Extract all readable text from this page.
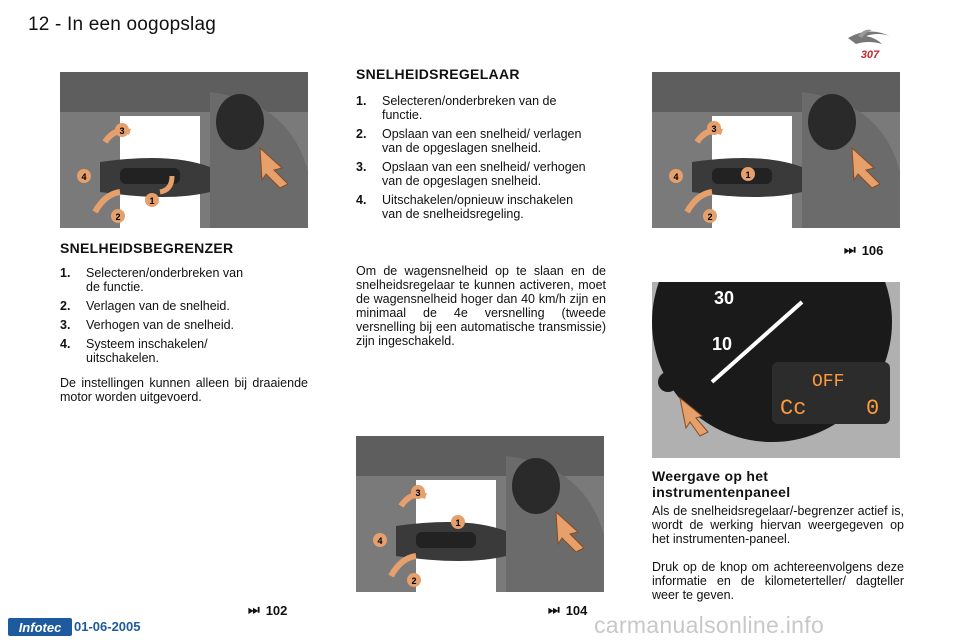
12 - In een oogopslag
307
3
4
1
2
SNELHEIDSBEGRENZER
1. Selecteren/onderbreken van de functie.
2. Verlagen van de snelheid.
3. Verhogen van de snelheid.
4. Systeem inschakelen/ uitschakelen.
De instellingen kunnen alleen bij draaiende motor worden uitgevoerd.
SNELHEIDSREGELAAR
1. Selecteren/onderbreken van de functie.
2. Opslaan van een snelheid/ verlagen van de opgeslagen snelheid.
3. Opslaan van een snelheid/ verhogen van de opgeslagen snelheid.
4. Uitschakelen/opnieuw inschakelen van de snelheidsregeling.
Om de wagensnelheid op te slaan en de snelheidsregelaar te kunnen activeren, moet de wagensnelheid hoger dan 40 km/h zijn en minimaal de 4e versnelling (tweede versnelling bij een automatische transmissie) zijn ingeschakeld.
3
1
4
2
3
1
4
2
30
10
OFF
Cc	0
Weergave op het instrumentenpaneel
Als de snelheidsregelaar/-begrenzer actief is, wordt de werking hiervan weergegeven op het instrumenten-paneel.
Druk op de knop om achtereenvolgens deze informatie en de kilometerteller/ dagteller weer te geven.
⏭ 106
⏭ 102	⏭ 104
Infotec 01-06-2005	carmanualsonline.info
